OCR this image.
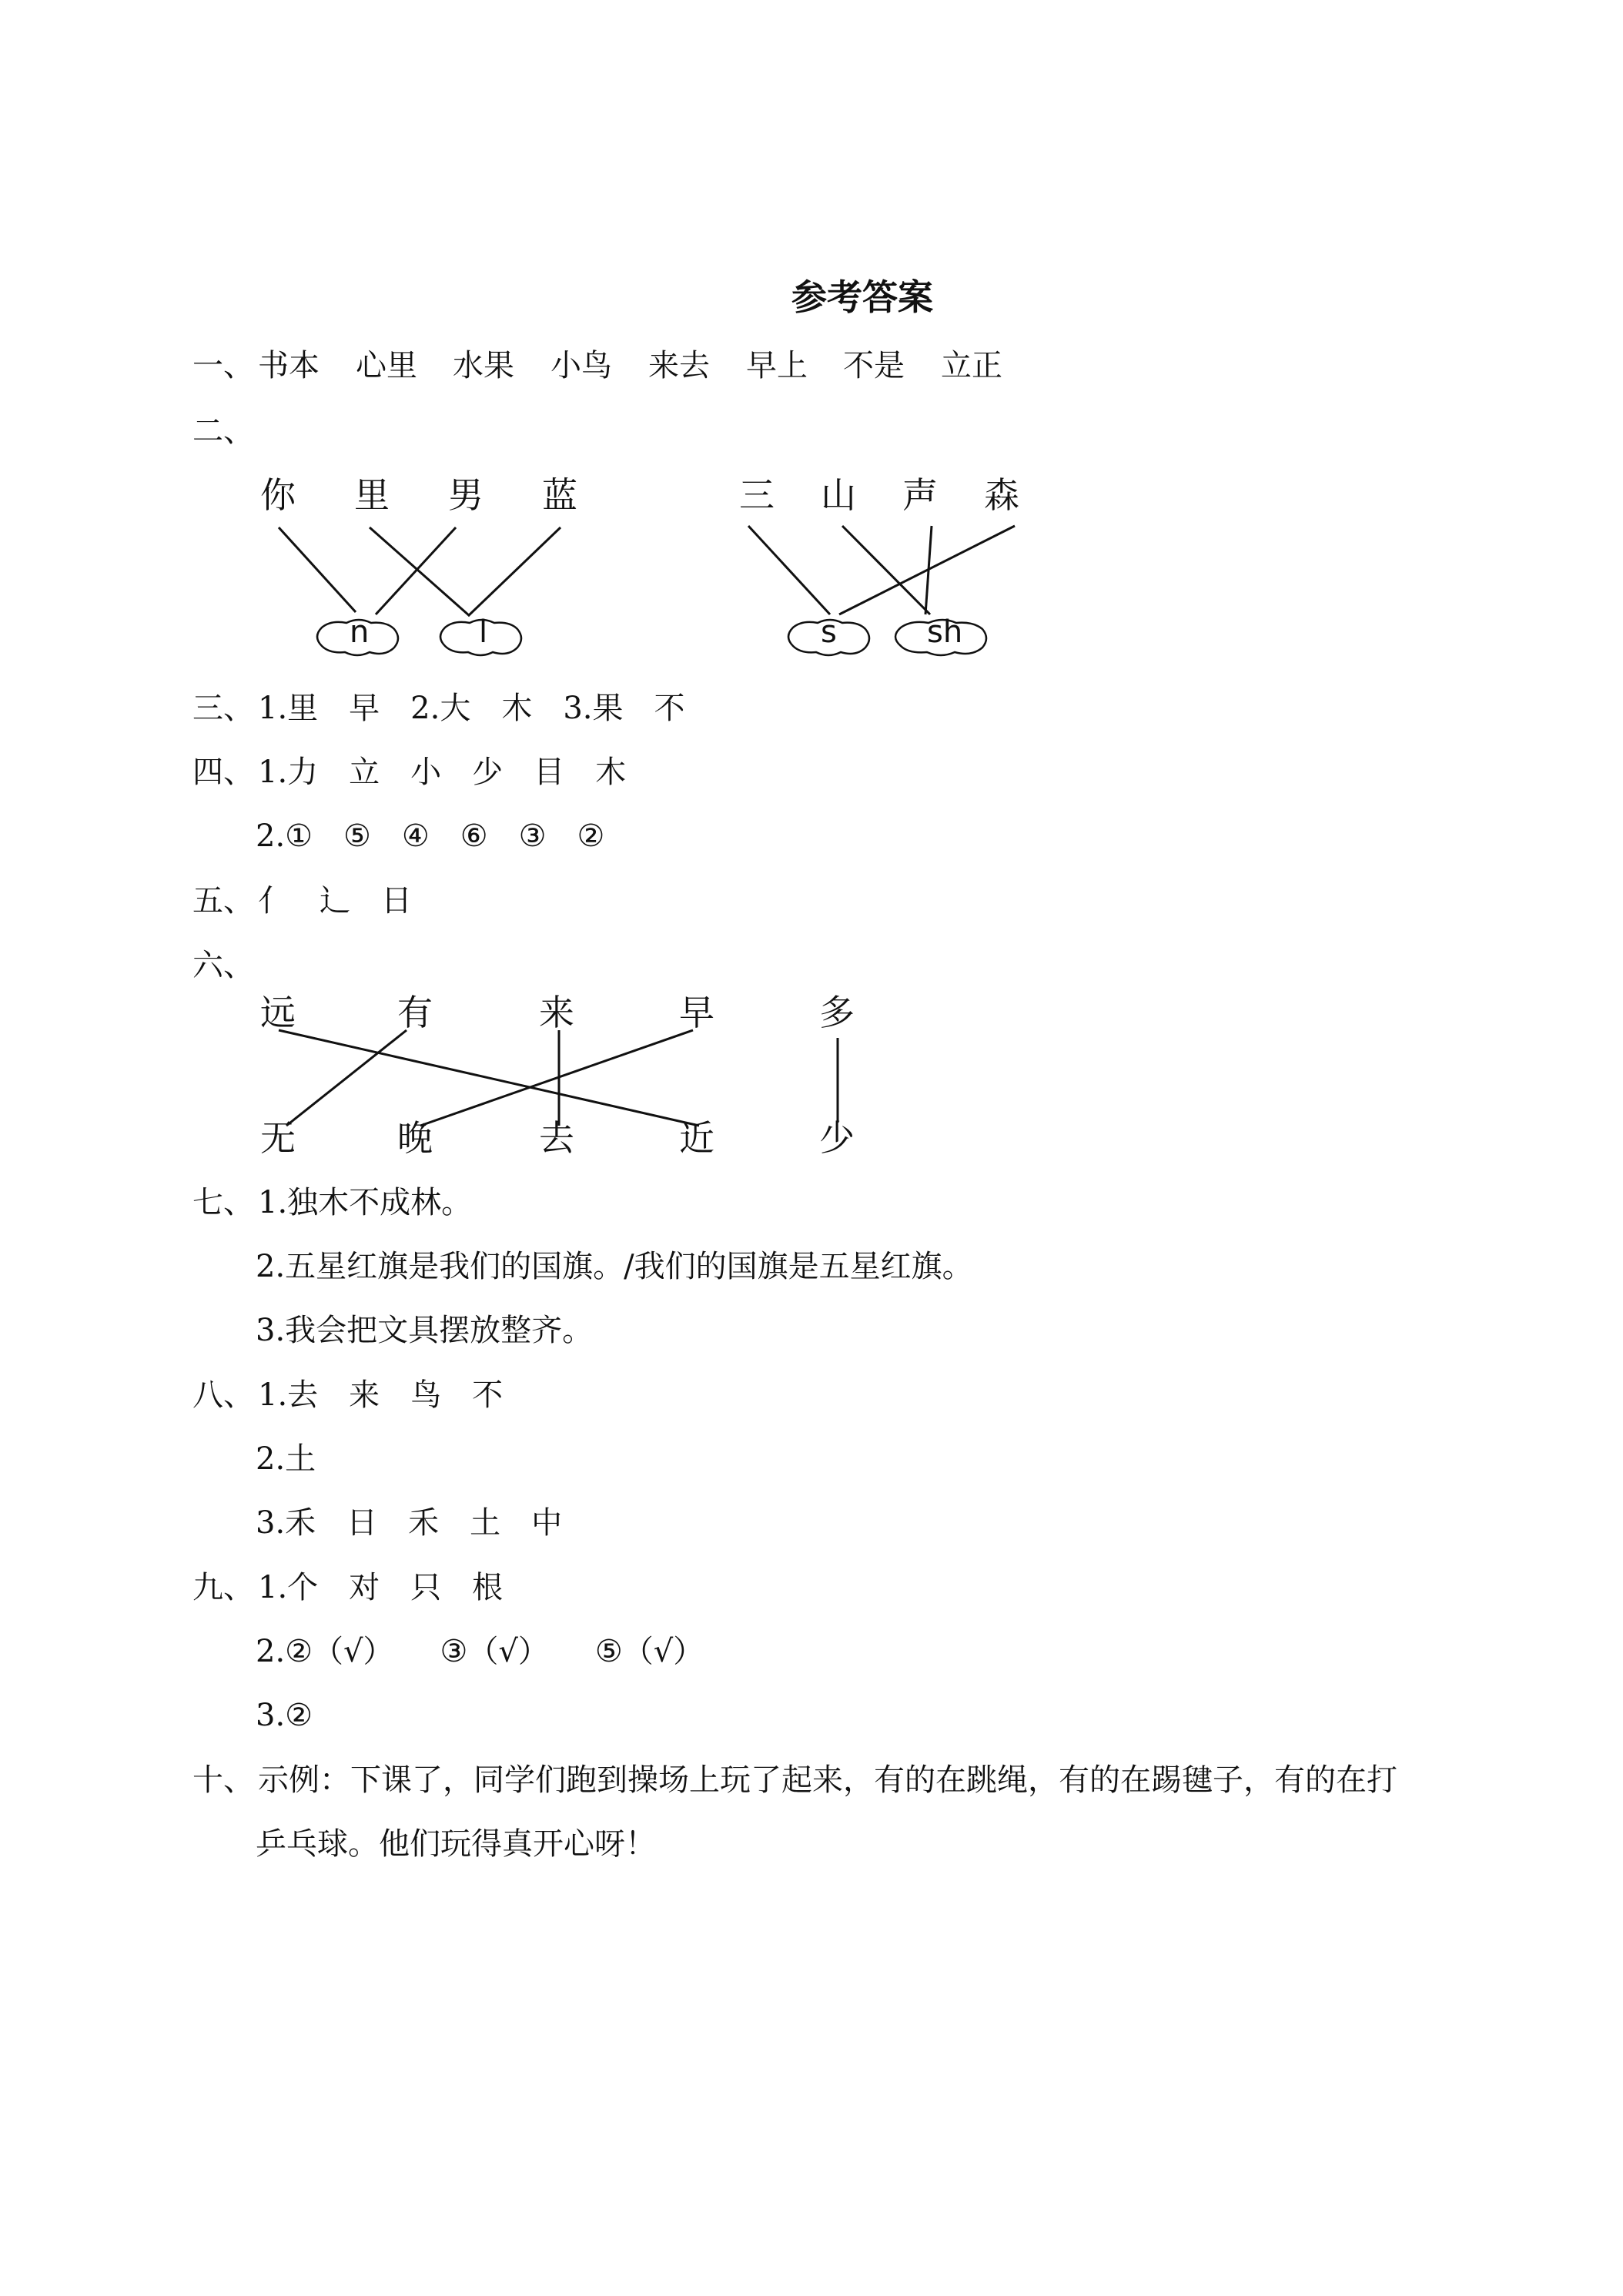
参考答案
一、 书本 心里 水果 小鸟 来去 早上 不是 立正
二、
你 里 男 蓝	三 山 声 森
n	l	s	sh
三、 1.里　早　2.大　木　3.果　不
四、 1.力　立　小　少　目　木
2.①　⑤　④　⑥　③　②
五、 亻　辶　日
六、
远	有	来	早	多
无	晚	去	近	少
七、 1.独木不成林。
2.五星红旗是我们的国旗。/我们的国旗是五星红旗。
3.我会把文具摆放整齐。
八、 1.去　来　鸟　不
2.土
3.禾　日　禾　土　中
九、 1.个　对　只　根
2.②（√）　　③（√）　　⑤（√）
3.②
十、 示例：下课了，同学们跑到操场上玩了起来，有的在跳绳，有的在踢毽子，有的在打
乒乓球。他们玩得真开心呀！
